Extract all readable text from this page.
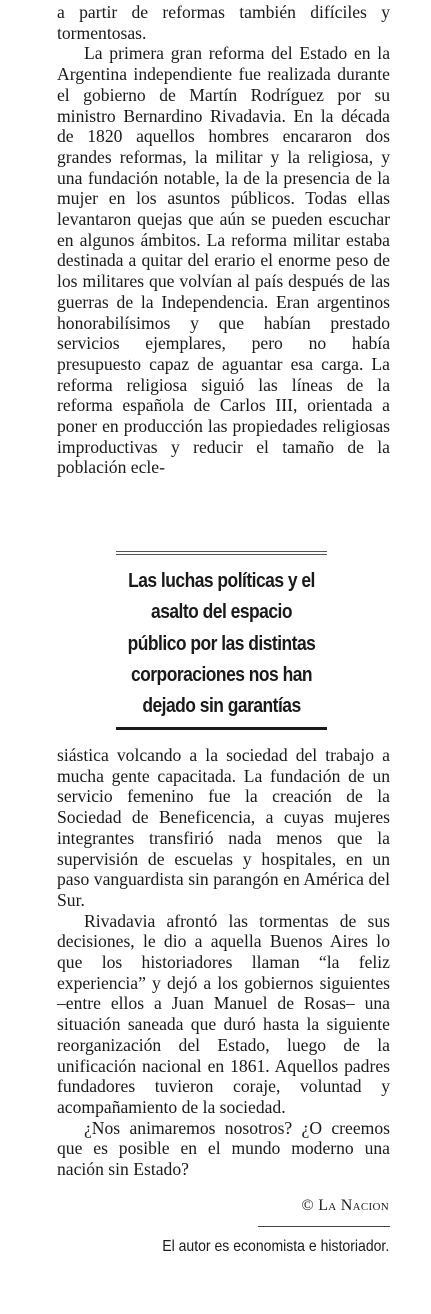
a partir de reformas también difíciles y tormentosas.

La primera gran reforma del Estado en la Argentina independiente fue realizada durante el gobierno de Martín Rodríguez por su ministro Bernardino Rivadavia. En la década de 1820 aquellos hombres encararon dos grandes reformas, la militar y la religiosa, y una fundación notable, la de la presencia de la mujer en los asuntos públicos. Todas ellas levantaron quejas que aún se pueden escuchar en algunos ámbitos. La reforma militar estaba destinada a quitar del erario el enorme peso de los militares que volvían al país después de las guerras de la Independencia. Eran argentinos honorabilísimos y que habían prestado servicios ejemplares, pero no había presupuesto capaz de aguantar esa carga. La reforma religiosa siguió las líneas de la reforma española de Carlos III, orientada a poner en producción las propiedades religiosas improductivas y reducir el tamaño de la población ecle-

Las luchas políticas y el asalto del espacio público por las distintas corporaciones nos han dejado sin garantías

siástica volcando a la sociedad del trabajo a mucha gente capacitada. La fundación de un servicio femenino fue la creación de la Sociedad de Beneficencia, a cuyas mujeres integrantes transfirió nada menos que la supervisión de escuelas y hospitales, en un paso vanguardista sin parangón en América del Sur.

Rivadavia afrontó las tormentas de sus decisiones, le dio a aquella Buenos Aires lo que los historiadores llaman “la feliz experiencia” y dejó a los gobiernos siguientes –entre ellos a Juan Manuel de Rosas– una situación saneada que duró hasta la siguiente reorganización del Estado, luego de la unificación nacional en 1861. Aquellos padres fundadores tuvieron coraje, voluntad y acompañamiento de la sociedad.

¿Nos animaremos nosotros? ¿O creemos que es posible en el mundo moderno una nación sin Estado?

© La Nacion
El autor es economista e historiador.
